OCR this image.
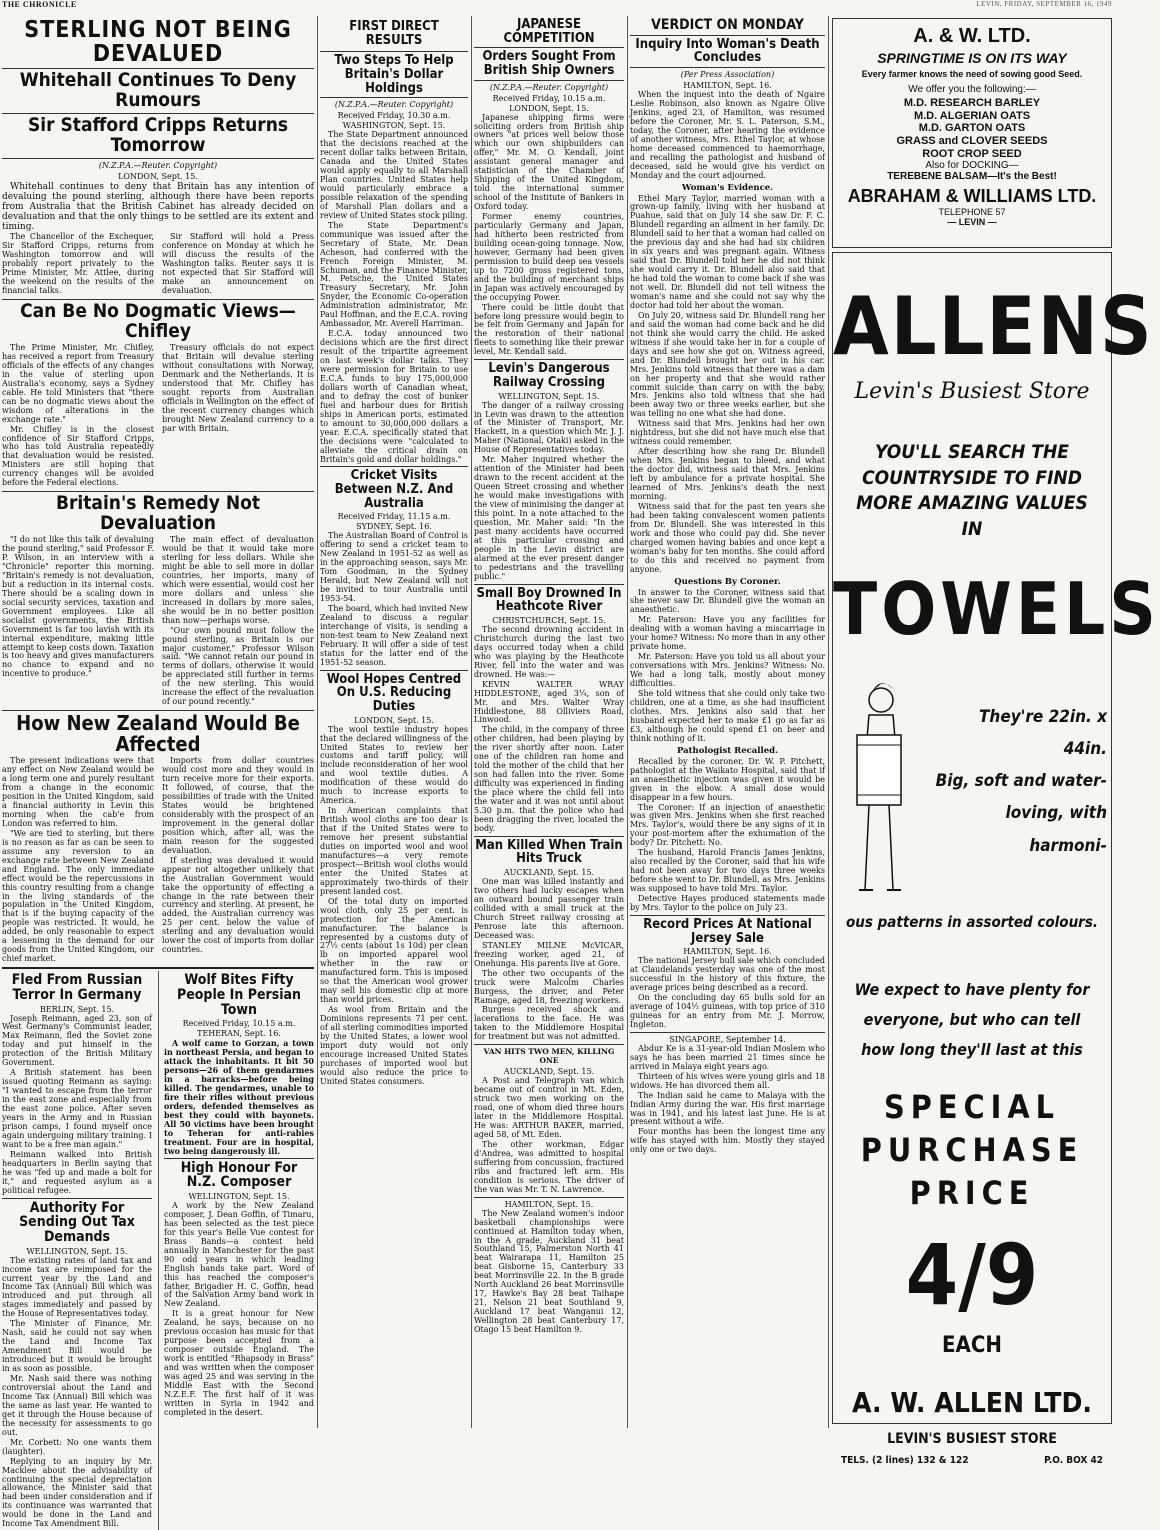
THE CHRONICLE	LEVIN, FRIDAY, SEPTEMBER 16, 1949
STERLING NOT BEING DEVALUED
Whitehall Continues To Deny Rumours
Sir Stafford Cripps Returns Tomorrow
(N.Z.P.A.—Reuter. Copyright)
LONDON, Sept. 15.

Whitehall continues to deny that Britain has any intention of devaluing the pound sterling, although there have been reports from Australia that the British Cabinet has already decided on devaluation and that the only things to be settled are its extent and timing.

The Chancellor of the Exchequer, Sir Stafford Cripps, returns from Washington tomorrow and will probably report privately to the Prime Minister, Mr. Attlee, during the weekend on the results of the financial talks.

Sir Stafford will hold a Press conference on Monday at which he will discuss the results of the Washington talks. Reuter says it is not expected that Sir Stafford will make an announcement on devaluation.

Can Be No Dogmatic Views—Chifley

The Prime Minister, Mr. Chifley, has received a report from Treasury officials of the effects of any changes in the value of sterling upon Australia's economy, says a Sydney cable. He told Ministers that "there can be no dogmatic views about the wisdom of alterations in the exchange rate."

Mr. Chifley is in the closest confidence of Sir Stafford Cripps, who has told Australia repeatedly that devaluation would be resisted. Ministers are still hoping that currency changes will be avoided before the Federal elections.

Treasury officials do not expect that Britain will devalue sterling without consultations with Norway, Denmark and the Netherlands. It is understood that Mr. Chifley has sought reports from Australian officials in Wellington on the effect of the recent currency changes which brought New Zealand currency to a par with Britain.

Britain's Remedy Not Devaluation

"I do not like this talk of devaluing the pound sterling," said Professor F. P. Wilson, in an interview with a "Chronicle" reporter this morning. "Britain's remedy is not devaluation, but a reduction in its internal costs. There should be a scaling down in social security services, taxation and Government employees. Like all socialist governments, the British Government is far too lavish with its internal expenditure, making little attempt to keep costs down. Taxation is too heavy and gives manufacturers no chance to expand and no incentive to produce."

The main effect of devaluation would be that it would take more sterling for less dollars. While she might be able to sell more in dollar countries, her imports, many of which were essential, would cost her more dollars and unless she increased in dollars by more sales, she would be in no better position than now—perhaps worse.

"Our own pound must follow the pound sterling, as Britain is our major customer," Professor Wilson said. "We cannot retain our pound in terms of dollars, otherwise it would be appreciated still further in terms of the new sterling. This would increase the effect of the revaluation of our pound recently."

How New Zealand Would Be Affected

The present indications were that any effect on New Zealand would be a long term one and purely resultant from a change in the economic position in the United Kingdom, said a financial authority in Levin this morning when the cab'e from London was referred to him.

"We are tied to sterling, but there is no reason as far as can be seen to assume any reversion to an exchange rate between New Zealand and England. The only immediate effect would be the repercussions in this country resulting from a change in the living standards of the population in the United Kingdom, that is if the buying capacity of the people was restricted. It would, he added, be only reasonable to expect a lessening in the demand for our goods from the United Kingdom, our chief market.

Imports from dollar countries would cost more and they would in turn receive more for their exports. It followed, of course, that the possibilities of trade with the United States would be brightened considerably with the prospect of an improvement in the general dollar position which, after all, was the main reason for the suggested devaluation.

If sterling was devalued it would appear not altogether unlikely that the Australian Government would take the opportunity of effecting a change in the rate between their currency and sterling. At present, he added, the Australian currency was 25 per cent. below the value of sterling and any devaluation would lower the cost of imports from dollar countries.

Fled From Russian Terror In Germany
BERLIN, Sept. 15.

Joseph Reimann, aged 23, son of West Germany's Communist leader, Max Reimann, fled the Soviet zone today and put himself in the protection of the British Military Government.

A British statement has been issued quoting Reimann as saying: "I wanted to escape from the terror in the east zone and especially from the east zone police. After seven years in the Army and in Russian prison camps, I found myself once again undergoing military training. I want to be a free man again."

Reimann walked into British headquarters in Berlin saying that he was "fed up and made a bolt for it," and requested asylum as a political refugee.

Authority For Sending Out Tax Demands
WELLINGTON, Sept. 15.

The existing rates of land tax and income tax are reimposed for the current year by the Land and Income Tax (Annual) Bill which was introduced and put through all stages immediately and passed by the House of Representatives today.

The Minister of Finance, Mr. Nash, said he could not say when the Land and Income Tax Amendment Bill would be introduced but it would be brought in as soon as possible.

Mr. Nash said there was nothing controversial about the Land and Income Tax (Annual) Bill which was the same as last year. He wanted to get it through the House because of the necessity for assessments to go out.

Mr. Corbett: No one wants them (laughter).

Replying to an inquiry by Mr. Macklee about the advisability of continuing the special depreciation allowance, the Minister said that had been under consideration and if its continuance was warranted that would be done in the Land and Income Tax Amendment Bill.

Wolf Bites Fifty People In Persian Town
Received Friday, 10.15 a.m.
TEHERAN, Sept. 16.

A wolf came to Gorzan, a town in northeast Persia, and began to attack the inhabitants. It bit 50 persons—26 of them gendarmes in a barracks—before being killed. The gendarmes, unable to fire their rifles without previous orders, defended themselves as best they could with bayonets. All 50 victims have been brought to Teheran for anti-rabies treatment. Four are in hospital, two being dangerously ill.

High Honour For N.Z. Composer
WELLINGTON, Sept. 15.

A work by the New Zealand composer, J. Dean Goffin, of Timaru, has been selected as the test piece for this year's Belle Vue contest for Brass Bands—a contest held annually in Manchester for the past 90 odd years in which leading English bands take part. Word of this has reached the composer's father, Brigadier H. C. Goffin, head of the Salvation Army band work in New Zealand.

It is a great honour for New Zealand, he says, because on no previous occasion has music for that purpose been accepted from a composer outside England. The work is entitled "Rhapsody in Brass" and was written when the composer was aged 25 and was serving in the Middle East with the Second N.Z.E.F. The first half of it was written in Syria in 1942 and completed in the desert.

FIRST DIRECT RESULTS
Two Steps To Help Britain's Dollar Holdings
(N.Z.P.A.—Reuter. Copyright)
Received Friday, 10.30 a.m.
WASHINGTON, Sept. 15.

The State Department announced that the decisions reached at the recent dollar talks between Britain, Canada and the United States would apply equally to all Marshall Plan countries. United States help would particularly embrace a possible relaxation of the spending of Marshall Plan dollars and a review of United States stock piling.

The State Department's communique was issued after the Secretary of State, Mr. Dean Acheson, had conferred with the French Foreign Minister, M. Schuman, and the Finance Minister, M. Petsche, the United States Treasury Secretary, Mr. John Snyder, the Economic Co-operation Administration administrator, Mr. Paul Hoffman, and the E.C.A. roving Ambassador, Mr. Averell Harriman.

E.C.A. today announced two decisions which are the first direct result of the tripartite agreement on last week's dollar talks. They were permission for Britain to use E.C.A. funds to buy 175,000,000 dollars worth of Canadian wheat, and to defray the cost of bunker fuel and harbour dues for British ships in American ports, estimated to amount to 30,000,000 dollars a year. E.C.A. specifically stated that the decisions were "calculated to alleviate the critical drain on Britain's gold and dollar holdings."

Cricket Visits Between N.Z. And Australia
Received Friday, 11.15 a.m.
SYDNEY, Sept. 16.

The Australian Board of Control is offering to send a cricket team to New Zealand in 1951-52 as well as in the approaching season, says Mr. Tom Goodman, in the Sydney Herald, but New Zealand will not be invited to tour Australia until 1953-54.

The board, which had invited New Zealand to discuss a regular interchange of visits, is sending a non-test team to New Zealand next February. It will offer a side of test status for the latter end of the 1951-52 season.

Wool Hopes Centred On U.S. Reducing Duties
LONDON, Sept. 15.

The wool textile industry hopes that the declared willingness of the United States to review her customs and tariff policy, will include reconsideration of her wool and wool textile duties. A modification of these would do much to increase exports to America.

In American complaints that British wool cloths are too dear is that if the United States were to remove her present substantial duties on imported wool and wool manufactures—a very remote prospect—British wool cloths would enter the United States at approximately two-thirds of their present landed cost.

Of the total duty on imported wool cloth, only 25 per cent. is protection for the American manufacturer. The balance is represented by a customs duty of 27½ cents (about 1s 10d) per clean lb on imported apparel wool whether in the raw or manufactured form. This is imposed so that the American wool grower may sell his domestic clip at more than world prices.

As wool from Britain and the Dominions represents 71 per cent. of all sterling commodities imported by the United States, a lower wool import duty would not only encourage increased United States purchases of imported wool but would also reduce the price to United States consumers.

JAPANESE COMPETITION
Orders Sought From British Ship Owners
(N.Z.P.A.—Reuter. Copyright)
Received Friday, 10.15 a.m.
LONDON, Sept. 15.

Japanese shipping firms were soliciting orders from British ship owners "at prices well below those which our own shipbuilders can offer," Mr. M. O. Kendall, joint assistant general manager and statistician of the Chamber of Shipping of the United Kingdom, told the international summer school of the Institute of Bankers in Oxford today.

Former enemy countries, particularly Germany and Japan, had hitherto been restricted from building ocean-going tonnage. Now, however, Germany had been given permission to build deep sea vessels up to 7200 gross registered tons, and the building of merchant ships in Japan was actively encouraged by the occupying Power.

There could be little doubt that before long pressure would begin to be felt from Germany and Japan for the restoration of their national fleets to something like their prewar level, Mr. Kendall said.

Levin's Dangerous Railway Crossing
WELLINGTON, Sept. 15.

The danger of a railway crossing in Levin was drawn to the attention of the Minister of Transport, Mr. Hackett, in a question which Mr. J. J. Maher (National, Otaki) asked in the House of Representatives today.

Mr. Maher inquired whether the attention of the Minister had been drawn to the recent accident at the Queen Street crossing and whether he would make investigations with the view of minimising the danger at this point. In a note attached to the question, Mr. Maher said: "In the past many accidents have occurred at this particular crossing and people in the Levin district are alarmed at the ever present danger to pedestrians and the travelling public."

Small Boy Drowned In Heathcote River
CHRISTCHURCH, Sept. 15.

The second drowning accident in Christchurch during the last two days occurred today when a child who was playing by the Heathcote River, fell into the water and was drowned. He was:—

KEVIN WALTER WRAY HIDDLESTONE, aged 3¼, son of Mr. and Mrs. Walter Wray Hiddlestone, 88 Olliviers Road, Linwood.

The child, in the company of three other children, had been playing by the river shortly after noon. Later one of the children ran home and told the mother of the child that her son had fallen into the river. Some difficulty was experienced in finding the place where the child fell into the water and it was not until about 5.30 p.m. that the police who had been dragging the river, located the body.

Man Killed When Train Hits Truck
AUCKLAND, Sept. 15.

One man was killed instantly and two others had lucky escapes when an outward bound passenger train collided with a small truck at the Church Street railway crossing at Penrose late this afternoon. Deceased was:

STANLEY MILNE McVICAR, freezing worker, aged 21, of Onehunga. His parents live at Gore.

The other two occupants of the truck were Malcolm Charles Burgess, the driver, and Peter Ramage, aged 18, freezing workers.

Burgess received shock and lacerations to the face. He was taken to the Middlemore Hospital for treatment but was not admitted.

VAN HITS TWO MEN, KILLING ONE
AUCKLAND, Sept. 15.

A Post and Telegraph van which became out of control in Mt. Eden, struck two men working on the road, one of whom died three hours later in the Middlemore Hospital. He was: ARTHUR BAKER, married, aged 58, of Mt. Eden.

The other workman, Edgar d'Andrea, was admitted to hospital suffering from concussion, fractured ribs and fractured left arm. His condition is serious. The driver of the van was Mr. T. N. Lawrence.

HAMILTON, Sept. 15.

The New Zealand women's indoor basketball championships were continued at Hamilton today when, in the A grade, Auckland 31 beat Southland 15, Palmerston North 41 beat Wairarapa 11, Hamilton 25 beat Gisborne 15, Canterbury 33 beat Morrinsville 22. In the B grade North Auckland 26 beat Morrinsville 17, Hawke's Bay 28 beat Taihape 21, Nelson 21 beat Southland 9, Auckland 17 beat Wanganui 12, Wellington 28 beat Canterbury 17, Otago 15 beat Hamilton 9.

VERDICT ON MONDAY
Inquiry Into Woman's Death Concludes
(Per Press Association)
HAMILTON, Sept. 16.

When the inquest into the death of Ngaire Leslie Robinson, also known as Ngaire Olive Jenkins, aged 23, of Hamilton, was resumed before the Coroner, Mr. S. L. Paterson, S.M., today, the Coroner, after hearing the evidence of another witness, Mrs. Ethel Taylor, at whose home deceased commenced to haemorrhage, and recalling the pathologist and husband of deceased, said he would give his verdict on Monday and the court adjourned.

Woman's Evidence.

Ethel Mary Taylor, married woman with a grown-up family, living with her husband at Puahue, said that on July 14 she saw Dr. F. C. Blundell regarding an ailment in her family. Dr. Blundell said to her that a woman had called on the previous day and she had had six children in six years and was pregnant again. Witness said that Dr. Blundell told her he did not think she would carry it. Dr. Blundell also said that he had told the woman to come back if she was not well. Dr. Blundell did not tell witness the woman's name and she could not say why the doctor had told her about the woman.

On July 20, witness said Dr. Blundell rang her and said the woman had come back and he did not think she would carry the child. He asked witness if she would take her in for a couple of days and see how she got on. Witness agreed, and Dr. Blundell brought her out in his car. Mrs. Jenkins told witness that there was a dam on her property and that she would rather commit suicide than carry on with the baby. Mrs. Jenkins also told witness that she had been away two or three weeks earlier, but she was telling no one what she had done.

Witness said that Mrs. Jenkins had her own nightdress, but she did not have much else that witness could remember.

After describing how she rang Dr. Blundell when Mrs. Jenkins began to bleed, and what the doctor did, witness said that Mrs. Jenkins left by ambulance for a private hospital. She learned of Mrs. Jenkins's death the next morning.

Witness said that for the past ten years she had been taking convalescent women patients from Dr. Blundell. She was interested in this work and those who could pay did. She never charged women having babies and once kept a woman's baby for ten months. She could afford to do this and received no payment from anyone.

Questions By Coroner.

In answer to the Coroner, witness said that she never saw Dr. Blundell give the woman an anaesthetic.

Mr. Paterson: Have you any facilities for dealing with a woman having a miscarriage in your home? Witness: No more than in any other private home.

Mr. Paterson: Have you told us all about your conversations with Mrs. Jenkins? Witness: No. We had a long talk, mostly about money difficulties.

She told witness that she could only take two children, one at a time, as she had insufficient clothes. Mrs. Jenkins also said that her husband expected her to make £1 go as far as £3, although he could spend £1 on beer and think nothing of it.

Pathologist Recalled.

Recalled by the coroner, Dr. W. P. Pitchett, pathologist at the Waikato Hospital, said that if an anaesthetic injection was given it would be given in the elbow. A small dose would disappear in a few hours.

The Coroner: If an injection of anaesthetic was given Mrs. Jenkins when she first reached Mrs. Taylor's, would there be any signs of it in your post-mortem after the exhumation of the body? Dr. Pitchett: No.

The husband, Harold Francis James Jenkins, also recalled by the Coroner, said that his wife had not been away for two days three weeks before she went to Dr. Blundell, as Mrs. Jenkins was supposed to have told Mrs. Taylor.

Detective Hayes produced statements made by Mrs. Taylor to the police on July 23.

Record Prices At National Jersey Sale
HAMILTON, Sept. 16.

The national Jersey bull sale which concluded at Claudelands yesterday was one of the most successful in the history of this fixture, the average prices being described as a record.

On the concluding day 65 bulls sold for an average of 104½ guineas, with top price of 310 guineas for an entry from Mr. J. Morrow, Ingleton.

SINGAPORE, September 14.

Abdur Ke is a 31-year-old Indian Moslem who says he has been married 21 times since he arrived in Malaya eight years ago.

Thirteen of his wives were young girls and 18 widows. He has divorced them all.

The Indian said he came to Malaya with the Indian Army during the war. His first marriage was in 1941, and his latest last June. He is at present without a wife.

Four months has been the longest time any wife has stayed with him. Mostly they stayed only one or two days.

A. & W. LTD.
SPRINGTIME IS ON ITS WAY
Every farmer knows the need of sowing good Seed.
We offer you the following:—
M.D. RESEARCH BARLEY
M.D. ALGERIAN OATS
M.D. GARTON OATS
GRASS and CLOVER SEEDS
ROOT CROP SEED
Also for DOCKING—
TEREBENE BALSAM—It's the Best!
ABRAHAM & WILLIAMS LTD.
TELEPHONE 57
— LEVIN —
ALLENS
Levin's Busiest Store
YOU'LL SEARCH THE
COUNTRYSIDE TO FIND
MORE AMAZING VALUES
IN
TOWELS
They're 22in. x 44in.
Big, soft and water-
loving, with harmoni-
ous patterns in assorted colours.
We expect to have plenty for
everyone, but who can tell
how long they'll last at this
SPECIAL
PURCHASE
PRICE
4/9
EACH
A. W. ALLEN LTD.
LEVIN'S BUSIEST STORE
TELS. (2 lines) 132 & 122	P.O. BOX 42
